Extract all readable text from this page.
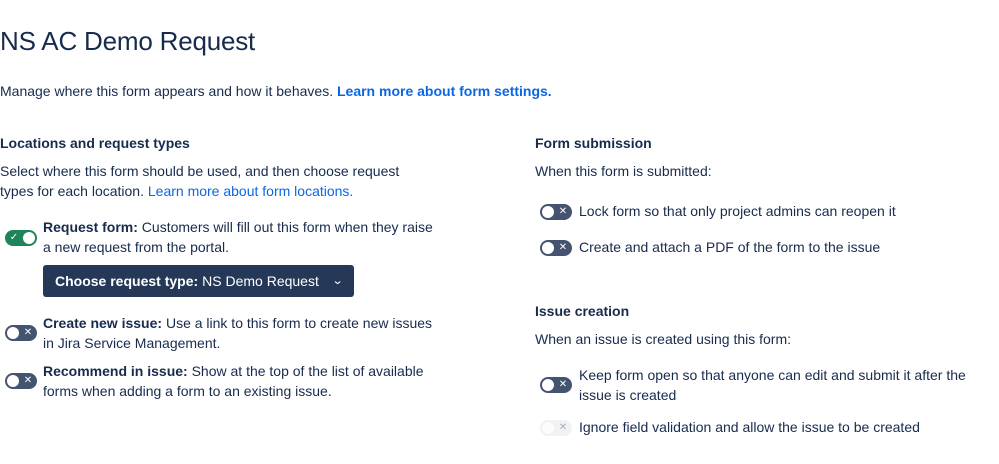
NS AC Demo Request

Manage where this form appears and how it behaves. Learn more about form settings.

Locations and request types

Select where this form should be used, and then choose request types for each location. Learn more about form locations.

✓
Request form: Customers will fill out this form when they raise a new request from the portal.
Choose request type: NS Demo Request ⌄
✕
Create new issue: Use a link to this form to create new issues in Jira Service Management.
✕
Recommend in issue: Show at the top of the list of available forms when adding a form to an existing issue.
Form submission

When this form is submitted:

✕ Lock form so that only project admins can reopen it
✕ Create and attach a PDF of the form to the issue
Issue creation

When an issue is created using this form:

✕
Keep form open so that anyone can edit and submit it after the issue is created
✕ Ignore field validation and allow the issue to be created
